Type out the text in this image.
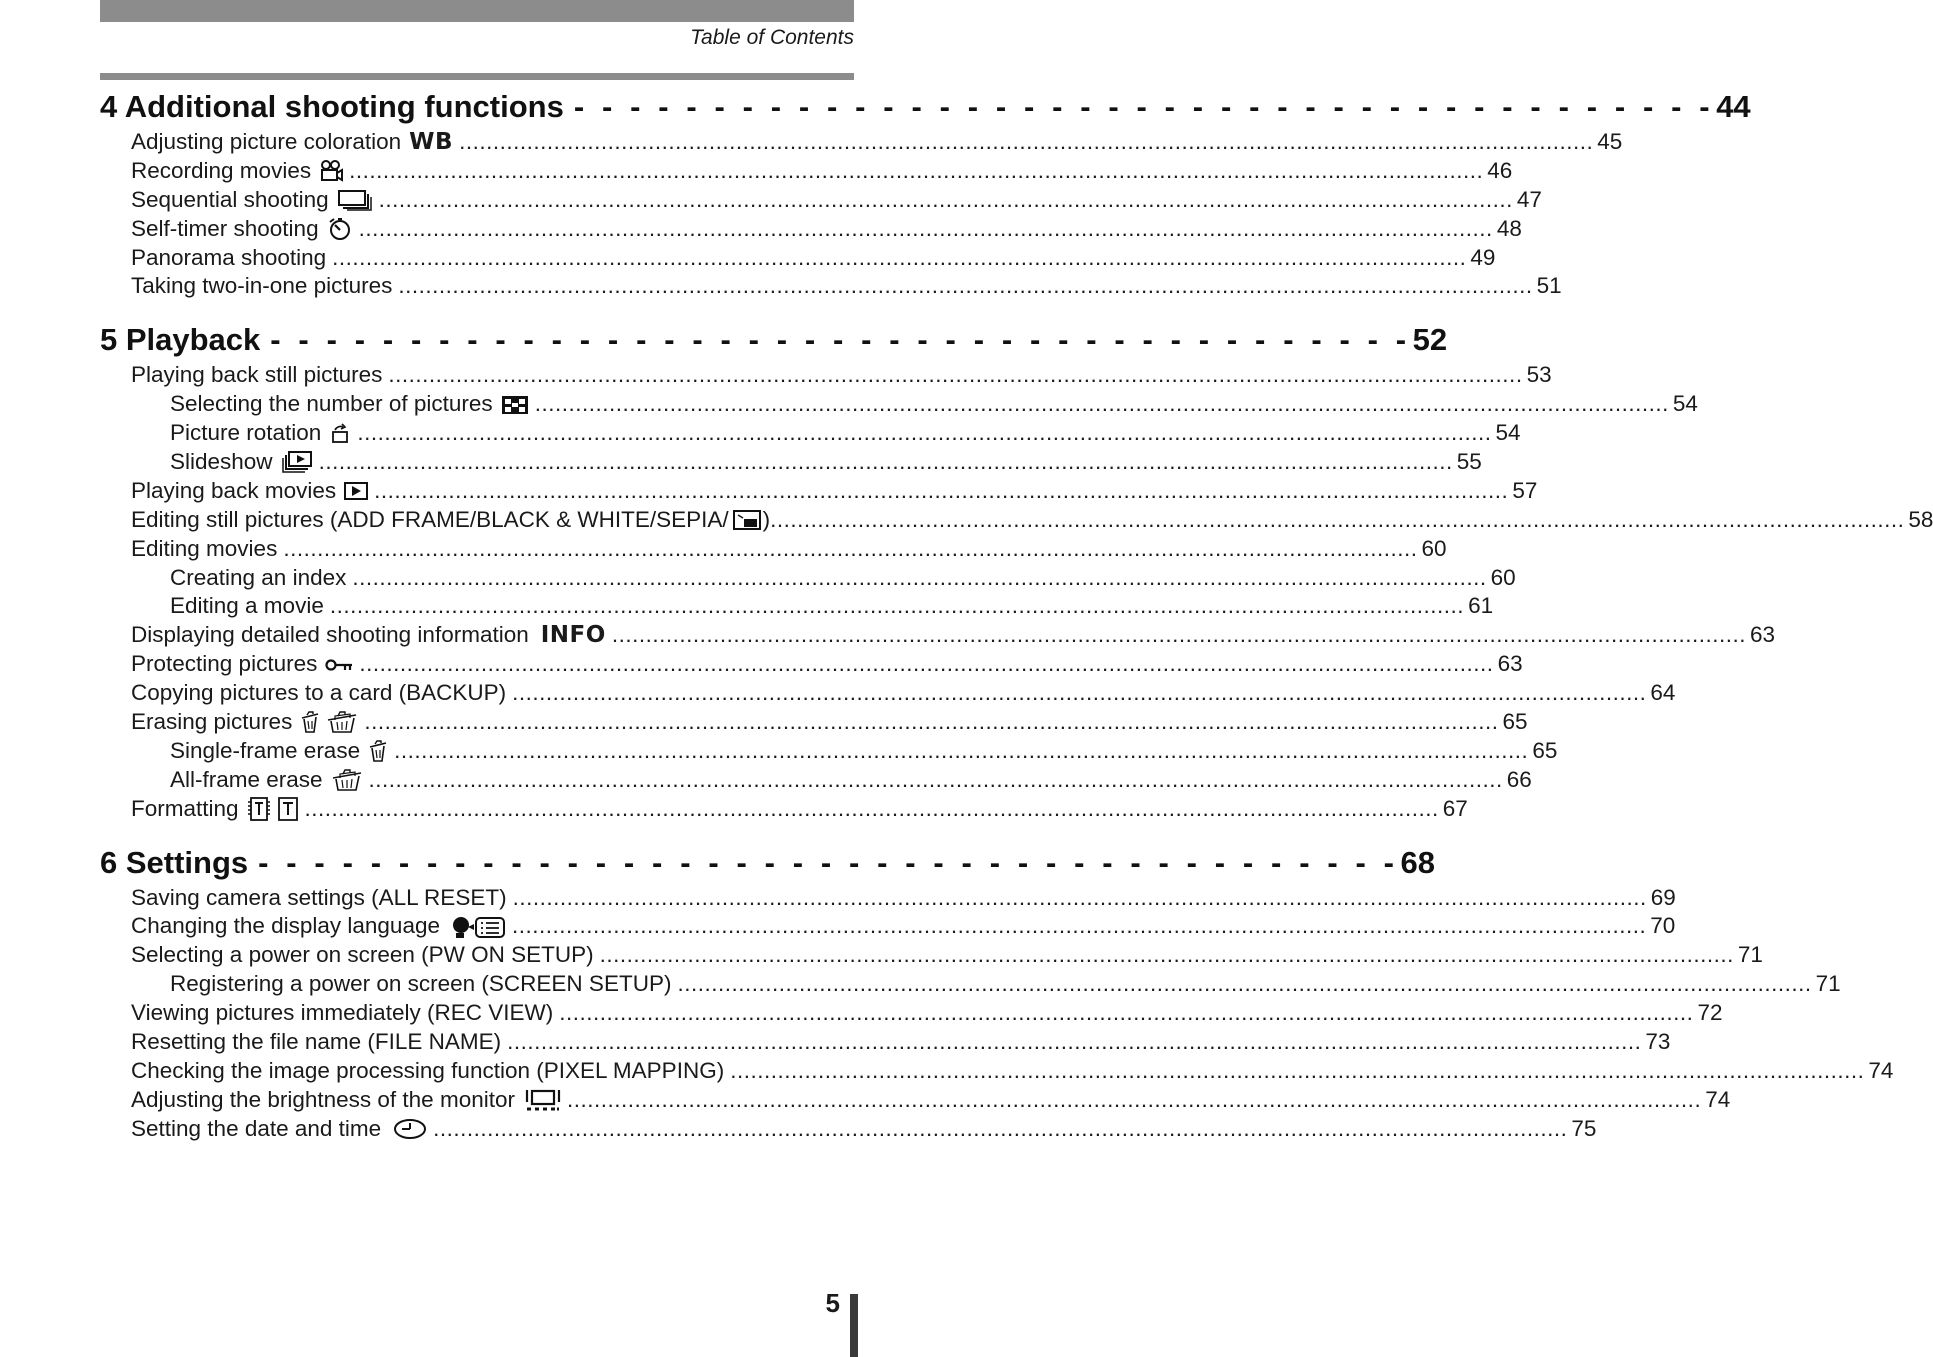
Table of Contents
4 Additional shooting functions - - - - - - - - - - - - - - - - - - - - - - - - - - - - - - - - - - - - - - - - - 44
Adjusting picture coloration WB ........................................................................................................................................................................ 45
Recording movies ........................................................................................................................................................................ 46
Sequential shooting ........................................................................................................................................................................ 47
Self-timer shooting ........................................................................................................................................................................ 48
Panorama shooting ........................................................................................................................................................................ 49
Taking two-in-one pictures ........................................................................................................................................................................ 51
5 Playback - - - - - - - - - - - - - - - - - - - - - - - - - - - - - - - - - - - - - - - - - 52
Playing back still pictures ........................................................................................................................................................................ 53
Selecting the number of pictures ........................................................................................................................................................................ 54
Picture rotation ........................................................................................................................................................................ 54
Slideshow ........................................................................................................................................................................ 55
Playing back movies ........................................................................................................................................................................ 57
Editing still pictures (ADD FRAME/BLACK & WHITE/SEPIA/ ) ........................................................................................................................................................................ 58
Editing movies ........................................................................................................................................................................ 60
Creating an index ........................................................................................................................................................................ 60
Editing a movie ........................................................................................................................................................................ 61
Displaying detailed shooting information INFO ........................................................................................................................................................................ 63
Protecting pictures ........................................................................................................................................................................ 63
Copying pictures to a card (BACKUP) ........................................................................................................................................................................ 64
Erasing pictures	........................................................................................................................................................................ 65
Single-frame erase ........................................................................................................................................................................ 65
All-frame erase ........................................................................................................................................................................ 66
Formatting	........................................................................................................................................................................ 67
6 Settings - - - - - - - - - - - - - - - - - - - - - - - - - - - - - - - - - - - - - - - - - 68
Saving camera settings (ALL RESET) ........................................................................................................................................................................ 69
Changing the display language	........................................................................................................................................................................ 70
Selecting a power on screen (PW ON SETUP) ........................................................................................................................................................................ 71
Registering a power on screen (SCREEN SETUP) ........................................................................................................................................................................ 71
Viewing pictures immediately (REC VIEW) ........................................................................................................................................................................ 72
Resetting the file name (FILE NAME) ........................................................................................................................................................................ 73
Checking the image processing function (PIXEL MAPPING) ........................................................................................................................................................................ 74
Adjusting the brightness of the monitor ........................................................................................................................................................................ 74
Setting the date and time ........................................................................................................................................................................ 75
5
